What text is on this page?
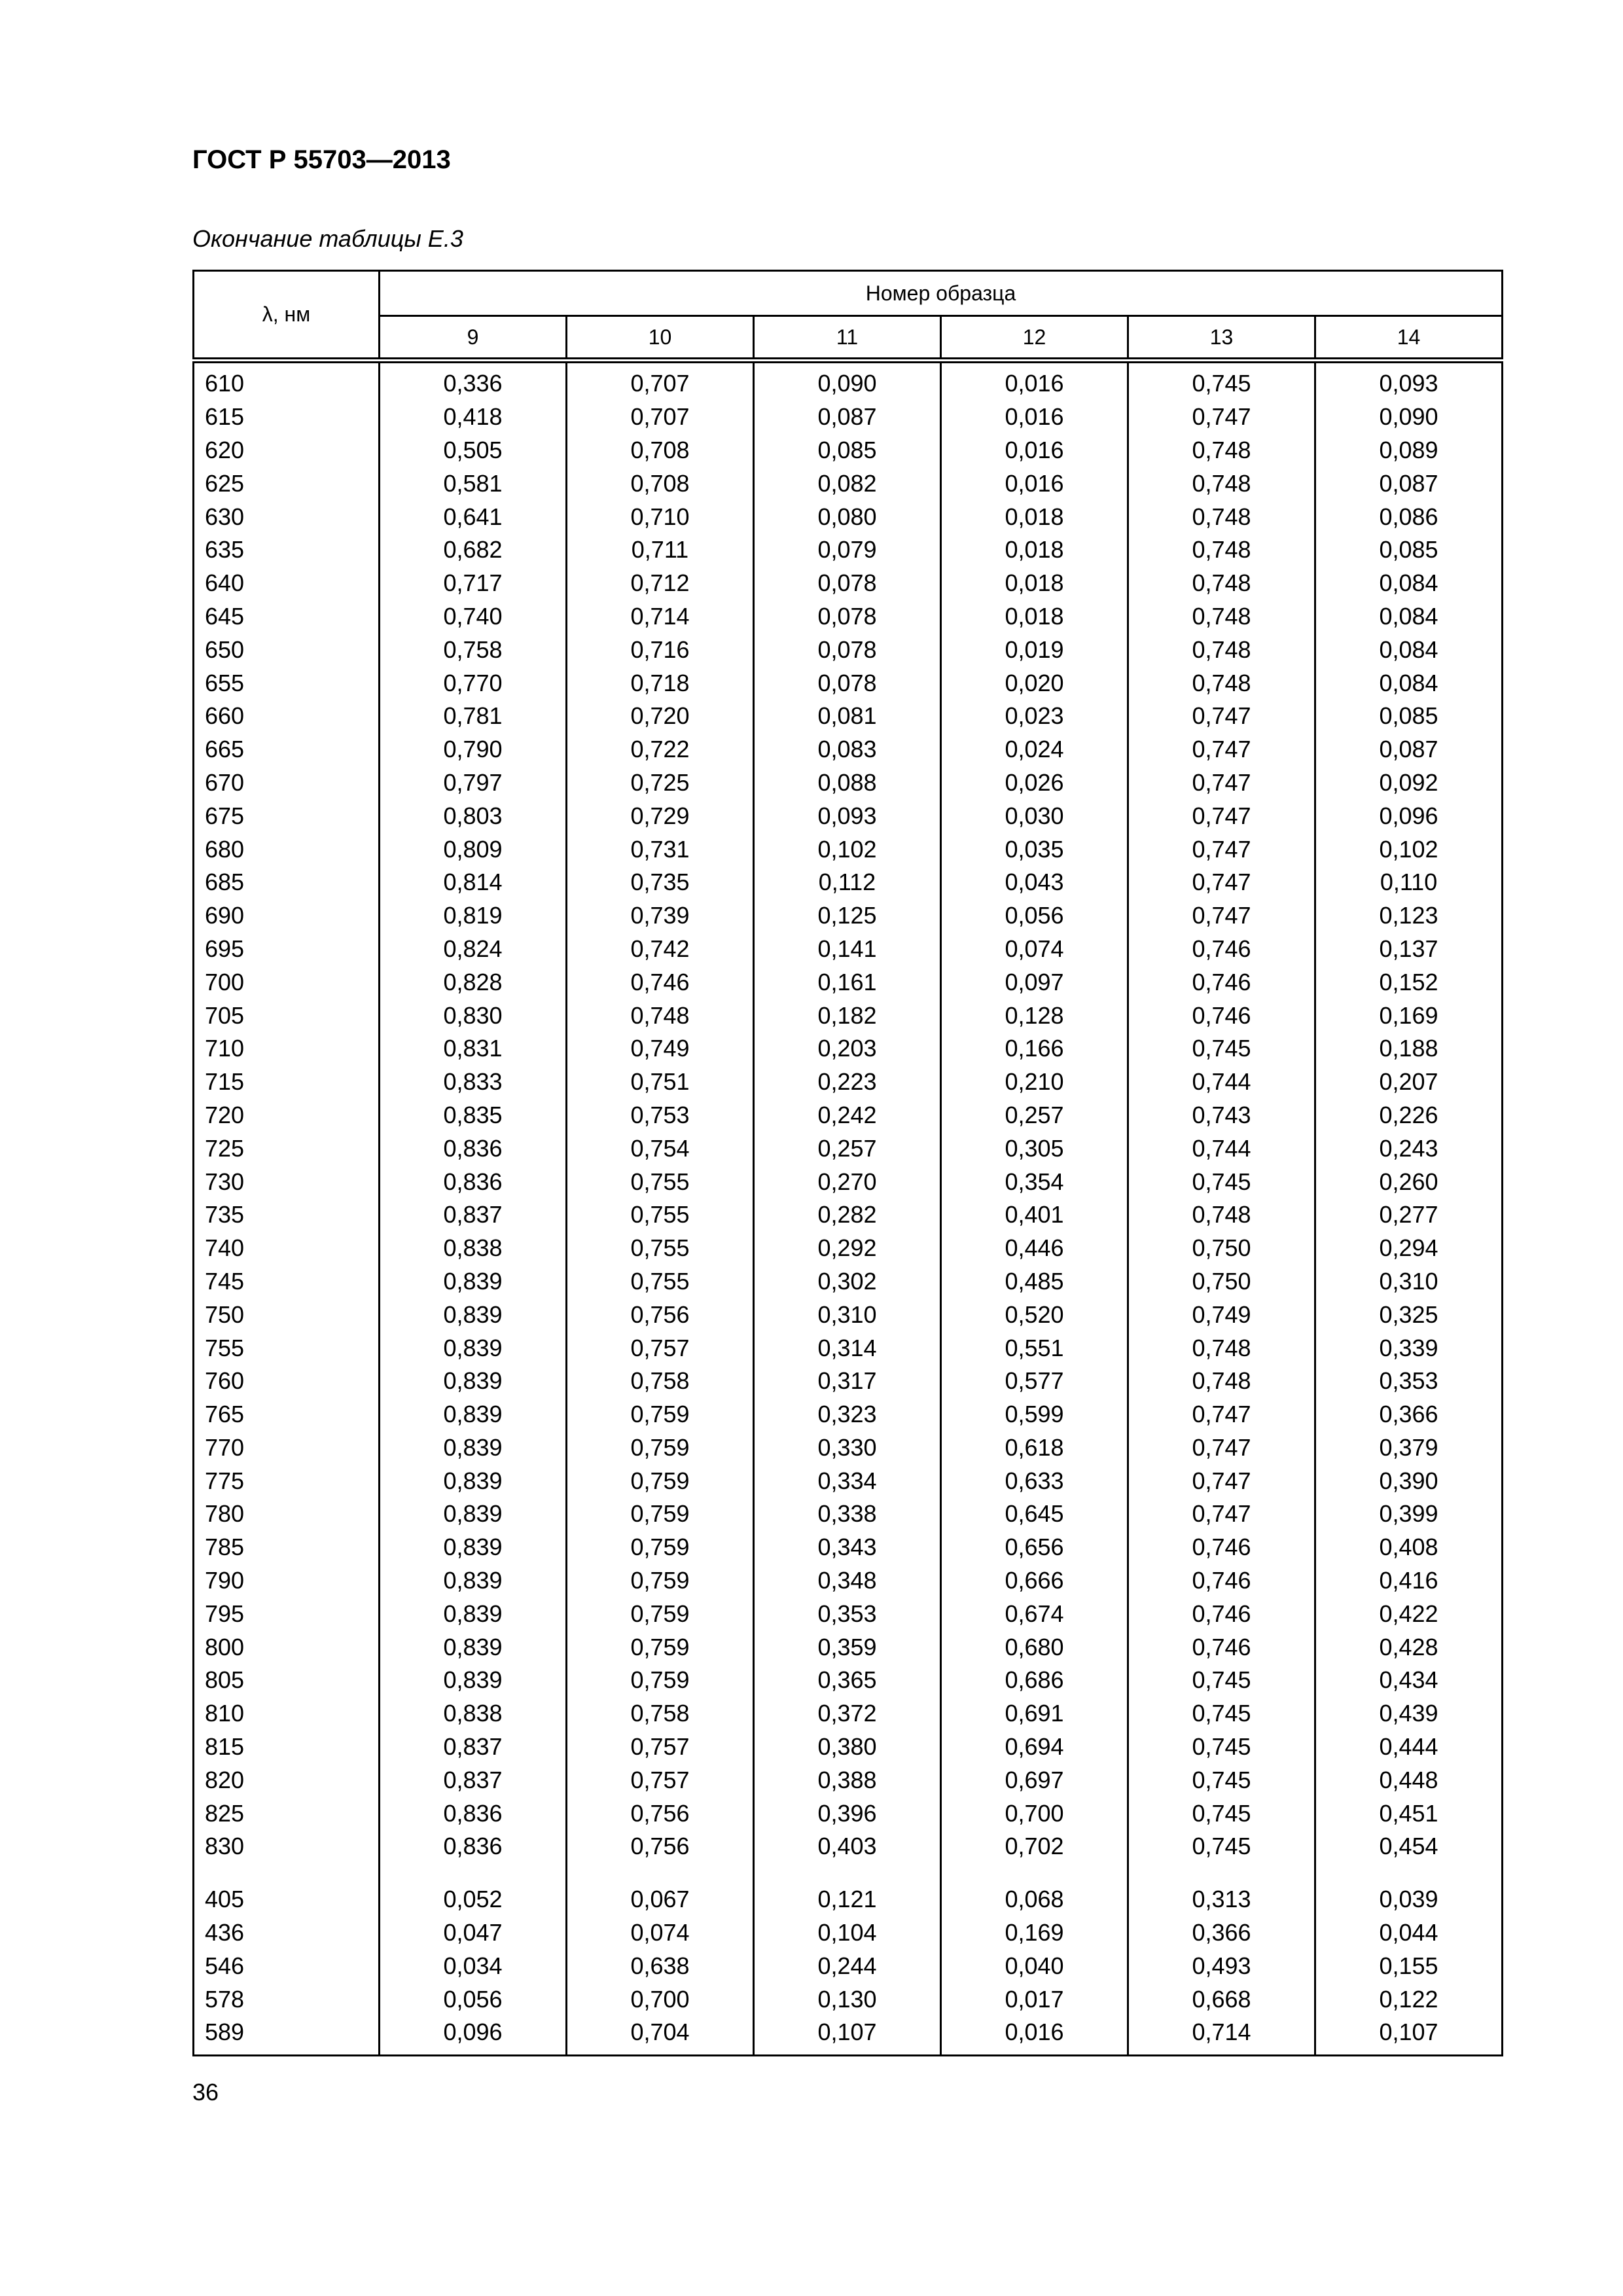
ГОСТ Р 55703—2013

Окончание таблицы Е.3

λ, нм	Номер образца					
	9	10	11	12	13	14
610	0,336	0,707	0,090	0,016	0,745	0,093
615	0,418	0,707	0,087	0,016	0,747	0,090
620	0,505	0,708	0,085	0,016	0,748	0,089
625	0,581	0,708	0,082	0,016	0,748	0,087
630	0,641	0,710	0,080	0,018	0,748	0,086
635	0,682	0,711	0,079	0,018	0,748	0,085
640	0,717	0,712	0,078	0,018	0,748	0,084
645	0,740	0,714	0,078	0,018	0,748	0,084
650	0,758	0,716	0,078	0,019	0,748	0,084
655	0,770	0,718	0,078	0,020	0,748	0,084
660	0,781	0,720	0,081	0,023	0,747	0,085
665	0,790	0,722	0,083	0,024	0,747	0,087
670	0,797	0,725	0,088	0,026	0,747	0,092
675	0,803	0,729	0,093	0,030	0,747	0,096
680	0,809	0,731	0,102	0,035	0,747	0,102
685	0,814	0,735	0,112	0,043	0,747	0,110
690	0,819	0,739	0,125	0,056	0,747	0,123
695	0,824	0,742	0,141	0,074	0,746	0,137
700	0,828	0,746	0,161	0,097	0,746	0,152
705	0,830	0,748	0,182	0,128	0,746	0,169
710	0,831	0,749	0,203	0,166	0,745	0,188
715	0,833	0,751	0,223	0,210	0,744	0,207
720	0,835	0,753	0,242	0,257	0,743	0,226
725	0,836	0,754	0,257	0,305	0,744	0,243
730	0,836	0,755	0,270	0,354	0,745	0,260
735	0,837	0,755	0,282	0,401	0,748	0,277
740	0,838	0,755	0,292	0,446	0,750	0,294
745	0,839	0,755	0,302	0,485	0,750	0,310
750	0,839	0,756	0,310	0,520	0,749	0,325
755	0,839	0,757	0,314	0,551	0,748	0,339
760	0,839	0,758	0,317	0,577	0,748	0,353
765	0,839	0,759	0,323	0,599	0,747	0,366
770	0,839	0,759	0,330	0,618	0,747	0,379
775	0,839	0,759	0,334	0,633	0,747	0,390
780	0,839	0,759	0,338	0,645	0,747	0,399
785	0,839	0,759	0,343	0,656	0,746	0,408
790	0,839	0,759	0,348	0,666	0,746	0,416
795	0,839	0,759	0,353	0,674	0,746	0,422
800	0,839	0,759	0,359	0,680	0,746	0,428
805	0,839	0,759	0,365	0,686	0,745	0,434
810	0,838	0,758	0,372	0,691	0,745	0,439
815	0,837	0,757	0,380	0,694	0,745	0,444
820	0,837	0,757	0,388	0,697	0,745	0,448
825	0,836	0,756	0,396	0,700	0,745	0,451
830	0,836	0,756	0,403	0,702	0,745	0,454
405	0,052	0,067	0,121	0,068	0,313	0,039
436	0,047	0,074	0,104	0,169	0,366	0,044
546	0,034	0,638	0,244	0,040	0,493	0,155
578	0,056	0,700	0,130	0,017	0,668	0,122
589	0,096	0,704	0,107	0,016	0,714	0,107

36
